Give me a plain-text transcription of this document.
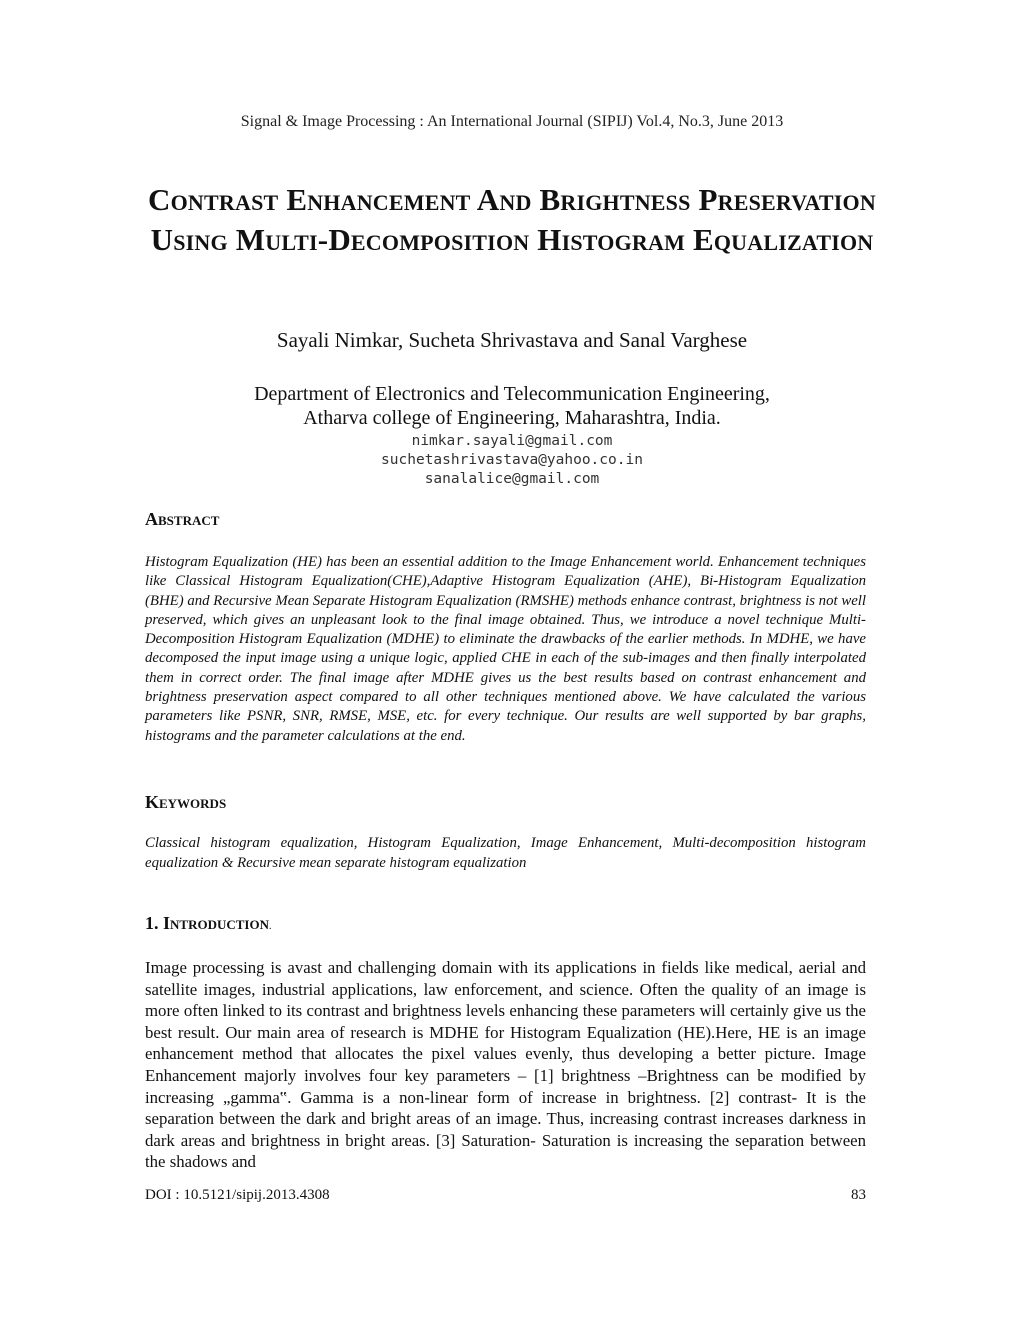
Signal & Image Processing : An International Journal (SIPIJ) Vol.4, No.3, June 2013
Contrast Enhancement And Brightness Preservation Using Multi-Decomposition Histogram Equalization
Sayali Nimkar, Sucheta Shrivastava and Sanal Varghese
Department of Electronics and Telecommunication Engineering,
Atharva college of Engineering, Maharashtra, India.
nimkar.sayali@gmail.com
suchetashrivastava@yahoo.co.in
sanalalice@gmail.com
Abstract

Histogram Equalization (HE) has been an essential addition to the Image Enhancement world. Enhancement techniques like Classical Histogram Equalization(CHE),Adaptive Histogram Equalization (AHE), Bi-Histogram Equalization (BHE) and Recursive Mean Separate Histogram Equalization (RMSHE) methods enhance contrast, brightness is not well preserved, which gives an unpleasant look to the final image obtained. Thus, we introduce a novel technique Multi-Decomposition Histogram Equalization (MDHE) to eliminate the drawbacks of the earlier methods. In MDHE, we have decomposed the input image using a unique logic, applied CHE in each of the sub-images and then finally interpolated them in correct order. The final image after MDHE gives us the best results based on contrast enhancement and brightness preservation aspect compared to all other techniques mentioned above. We have calculated the various parameters like PSNR, SNR, RMSE, MSE, etc. for every technique. Our results are well supported by bar graphs, histograms and the parameter calculations at the end.

Keywords

Classical histogram equalization, Histogram Equalization, Image Enhancement, Multi-decomposition histogram equalization & Recursive mean separate histogram equalization

1. Introduction.

Image processing is avast and challenging domain with its applications in fields like medical, aerial and satellite images, industrial applications, law enforcement, and science. Often the quality of an image is more often linked to its contrast and brightness levels enhancing these parameters will certainly give us the best result. Our main area of research is MDHE for Histogram Equalization (HE).Here, HE is an image enhancement method that allocates the pixel values evenly, thus developing a better picture. Image Enhancement majorly involves four key parameters – [1] brightness –Brightness can be modified by increasing „gamma‟. Gamma is a non-linear form of increase in brightness. [2] contrast- It is the separation between the dark and bright areas of an image. Thus, increasing contrast increases darkness in dark areas and brightness in bright areas. [3] Saturation- Saturation is increasing the separation between the shadows and

DOI : 10.5121/sipij.2013.4308	83
